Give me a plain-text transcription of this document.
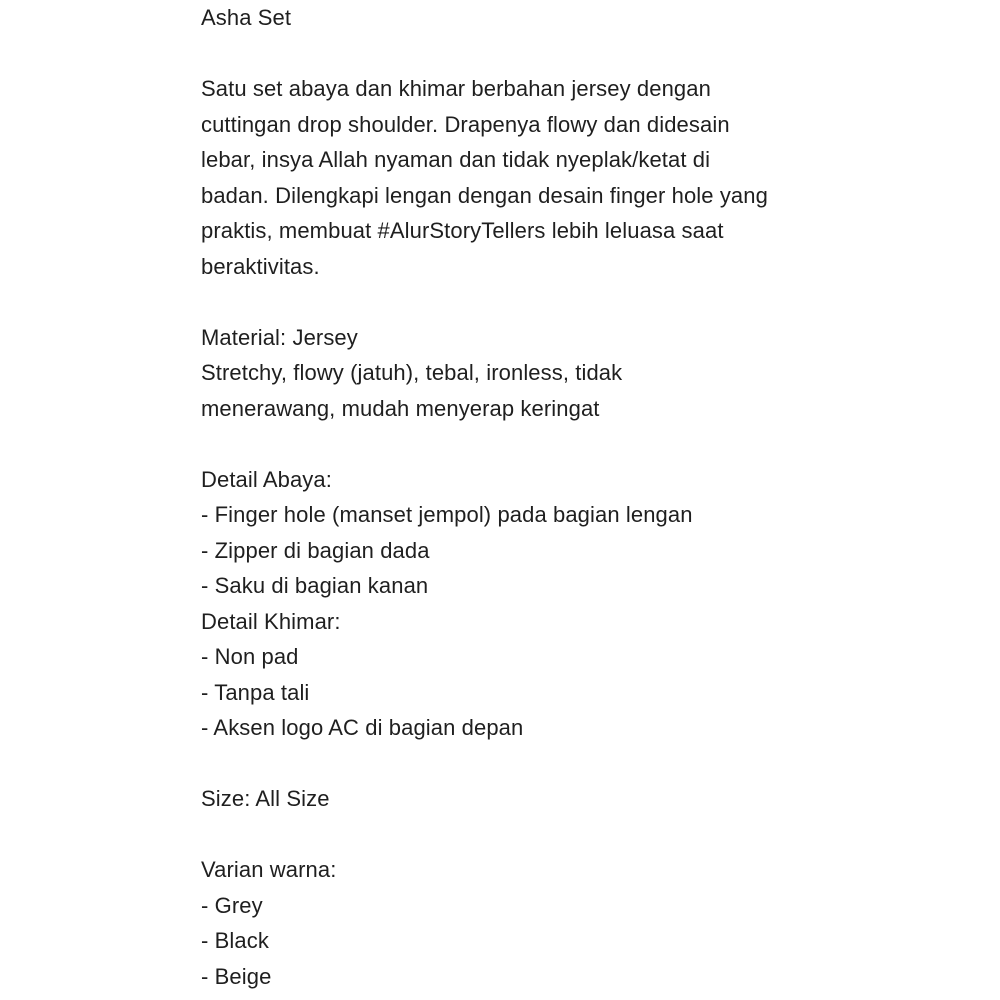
Asha Set
Satu set abaya dan khimar berbahan jersey dengan
cuttingan drop shoulder. Drapenya flowy dan didesain
lebar, insya Allah nyaman dan tidak nyeplak/ketat di
badan. Dilengkapi lengan dengan desain finger hole yang
praktis, membuat #AlurStoryTellers lebih leluasa saat
beraktivitas.
Material: Jersey
Stretchy, flowy (jatuh), tebal, ironless, tidak
menerawang, mudah menyerap keringat
Detail Abaya:
- Finger hole (manset jempol) pada bagian lengan
- Zipper di bagian dada
- Saku di bagian kanan
Detail Khimar:
- Non pad
- Tanpa tali
- Aksen logo AC di bagian depan
Size: All Size
Varian warna:
- Grey
- Black
- Beige
